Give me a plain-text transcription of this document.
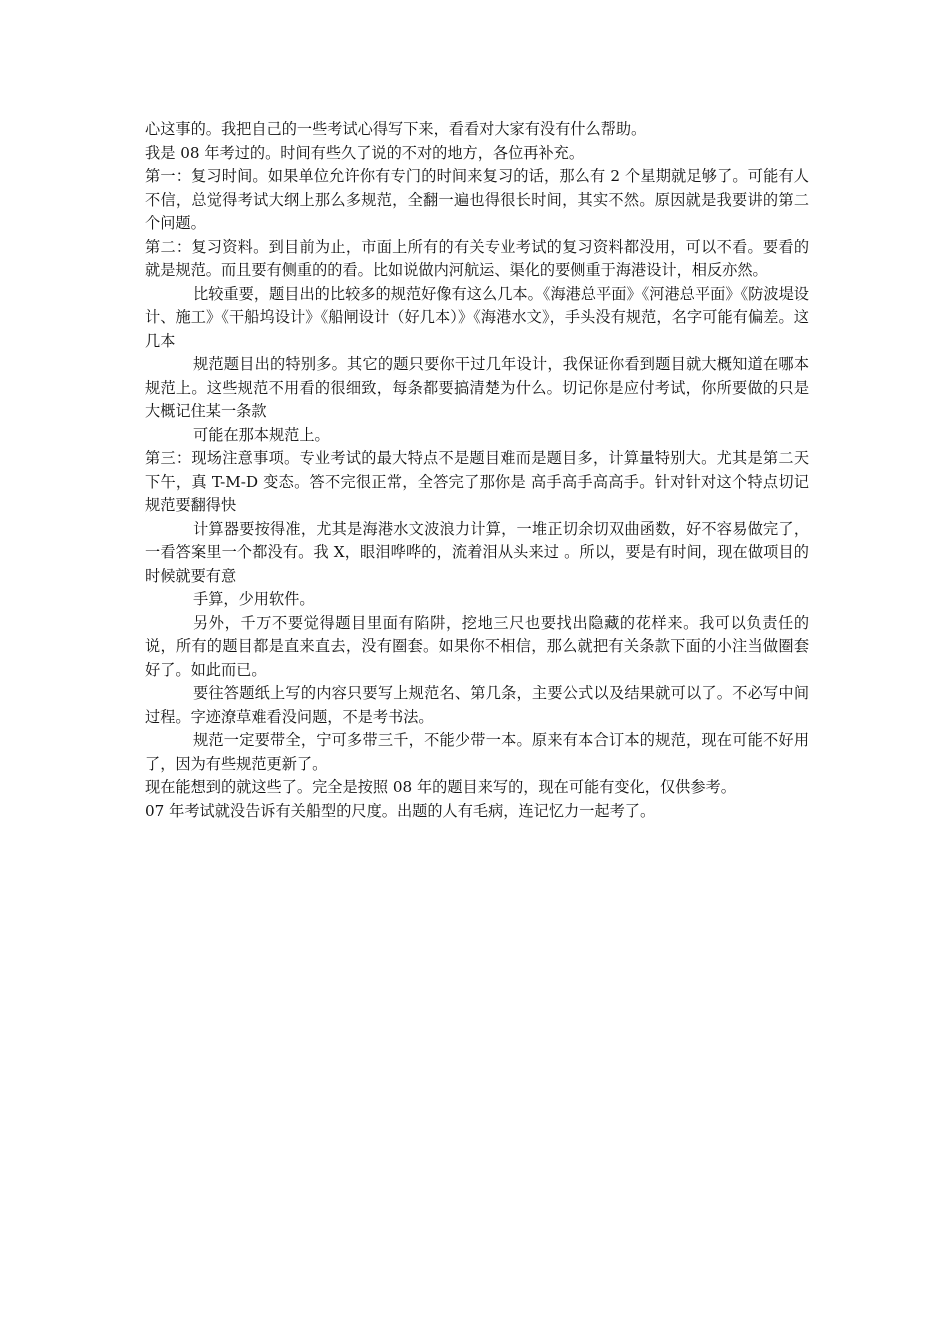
心这事的。我把自己的一些考试心得写下来，看看对大家有没有什么帮助。

我是 08 年考过的。时间有些久了说的不对的地方，各位再补充。

第一：复习时间。如果单位允许你有专门的时间来复习的话，那么有 2 个星期就足够了。可能有人不信，总觉得考试大纲上那么多规范，全翻一遍也得很长时间，其实不然。原因就是我要讲的第二个问题。

第二：复习资料。到目前为止，市面上所有的有关专业考试的复习资料都没用，可以不看。要看的就是规范。而且要有侧重的的看。比如说做内河航运、渠化的要侧重于海港设计，相反亦然。

比较重要，题目出的比较多的规范好像有这么几本。《海港总平面》《河港总平面》《防波堤设计、施工》《干船坞设计》《船闸设计（好几本）》《海港水文》，手头没有规范，名字可能有偏差。这几本

规范题目出的特别多。其它的题只要你干过几年设计，我保证你看到题目就大概知道在哪本规范上。这些规范不用看的很细致，每条都要搞清楚为什么。切记你是应付考试，你所要做的只是大概记住某一条款

可能在那本规范上。

第三：现场注意事项。专业考试的最大特点不是题目难而是题目多，计算量特别大。尤其是第二天下午，真 T-M-D 变态。答不完很正常，全答完了那你是 高手高手高高手。针对针对这个特点切记规范要翻得快

计算器要按得准，尤其是海港水文波浪力计算，一堆正切余切双曲函数，好不容易做完了，一看答案里一个都没有。我 X，眼泪哗哗的，流着泪从头来过 。所以，要是有时间，现在做项目的时候就要有意

手算，少用软件。

另外，千万不要觉得题目里面有陷阱，挖地三尺也要找出隐藏的花样来。我可以负责任的说，所有的题目都是直来直去，没有圈套。如果你不相信，那么就把有关条款下面的小注当做圈套好了。如此而已。

要往答题纸上写的内容只要写上规范名、第几条，主要公式以及结果就可以了。不必写中间过程。字迹潦草难看没问题，不是考书法。

规范一定要带全，宁可多带三千，不能少带一本。原来有本合订本的规范，现在可能不好用了，因为有些规范更新了。

现在能想到的就这些了。完全是按照 08 年的题目来写的，现在可能有变化，仅供参考。

07 年考试就没告诉有关船型的尺度。出题的人有毛病，连记忆力一起考了。
